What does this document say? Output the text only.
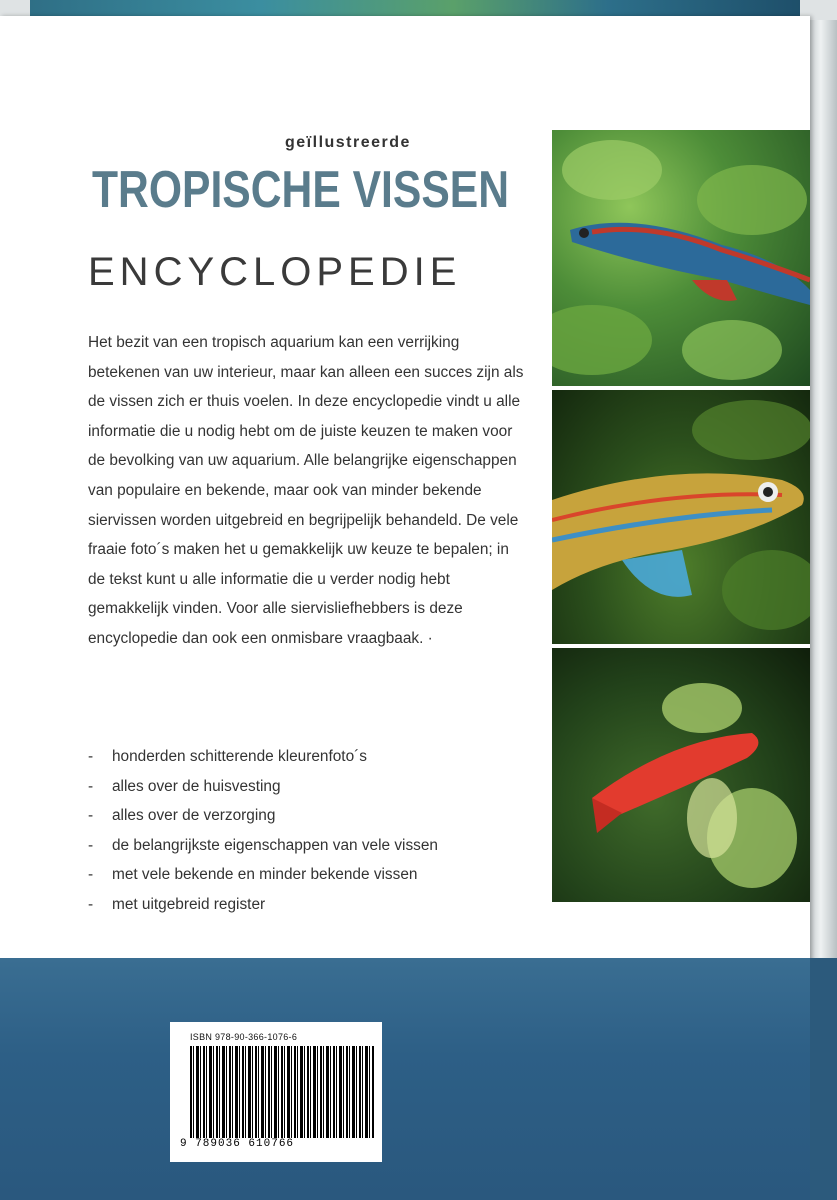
geïllustreerde
TROPISCHE VISSEN
ENCYCLOPEDIE
Het bezit van een tropisch aquarium kan een verrijking betekenen van uw interieur, maar kan alleen een succes zijn als de vissen zich er thuis voelen. In deze encyclopedie vindt u alle informatie die u nodig hebt om de juiste keuzen te maken voor de bevolking van uw aquarium. Alle belangrijke eigenschappen van populaire en bekende, maar ook van minder bekende siervissen worden uitgebreid en begrijpelijk behandeld. De vele fraaie foto´s maken het u gemakkelijk uw keuze te bepalen; in de tekst kunt u alle informatie die u verder nodig hebt gemakkelijk vinden. Voor alle siervisliefhebbers is deze encyclopedie dan ook een onmisbare vraagbaak. ·
- honderden schitterende kleurenfoto´s
- alles over de huisvesting
- alles over de verzorging
- de belangrijkste eigenschappen van vele vissen
- met vele bekende en minder bekende vissen
- met uitgebreid register
ISBN 978-90-366-1076-6
9 789036 610766
